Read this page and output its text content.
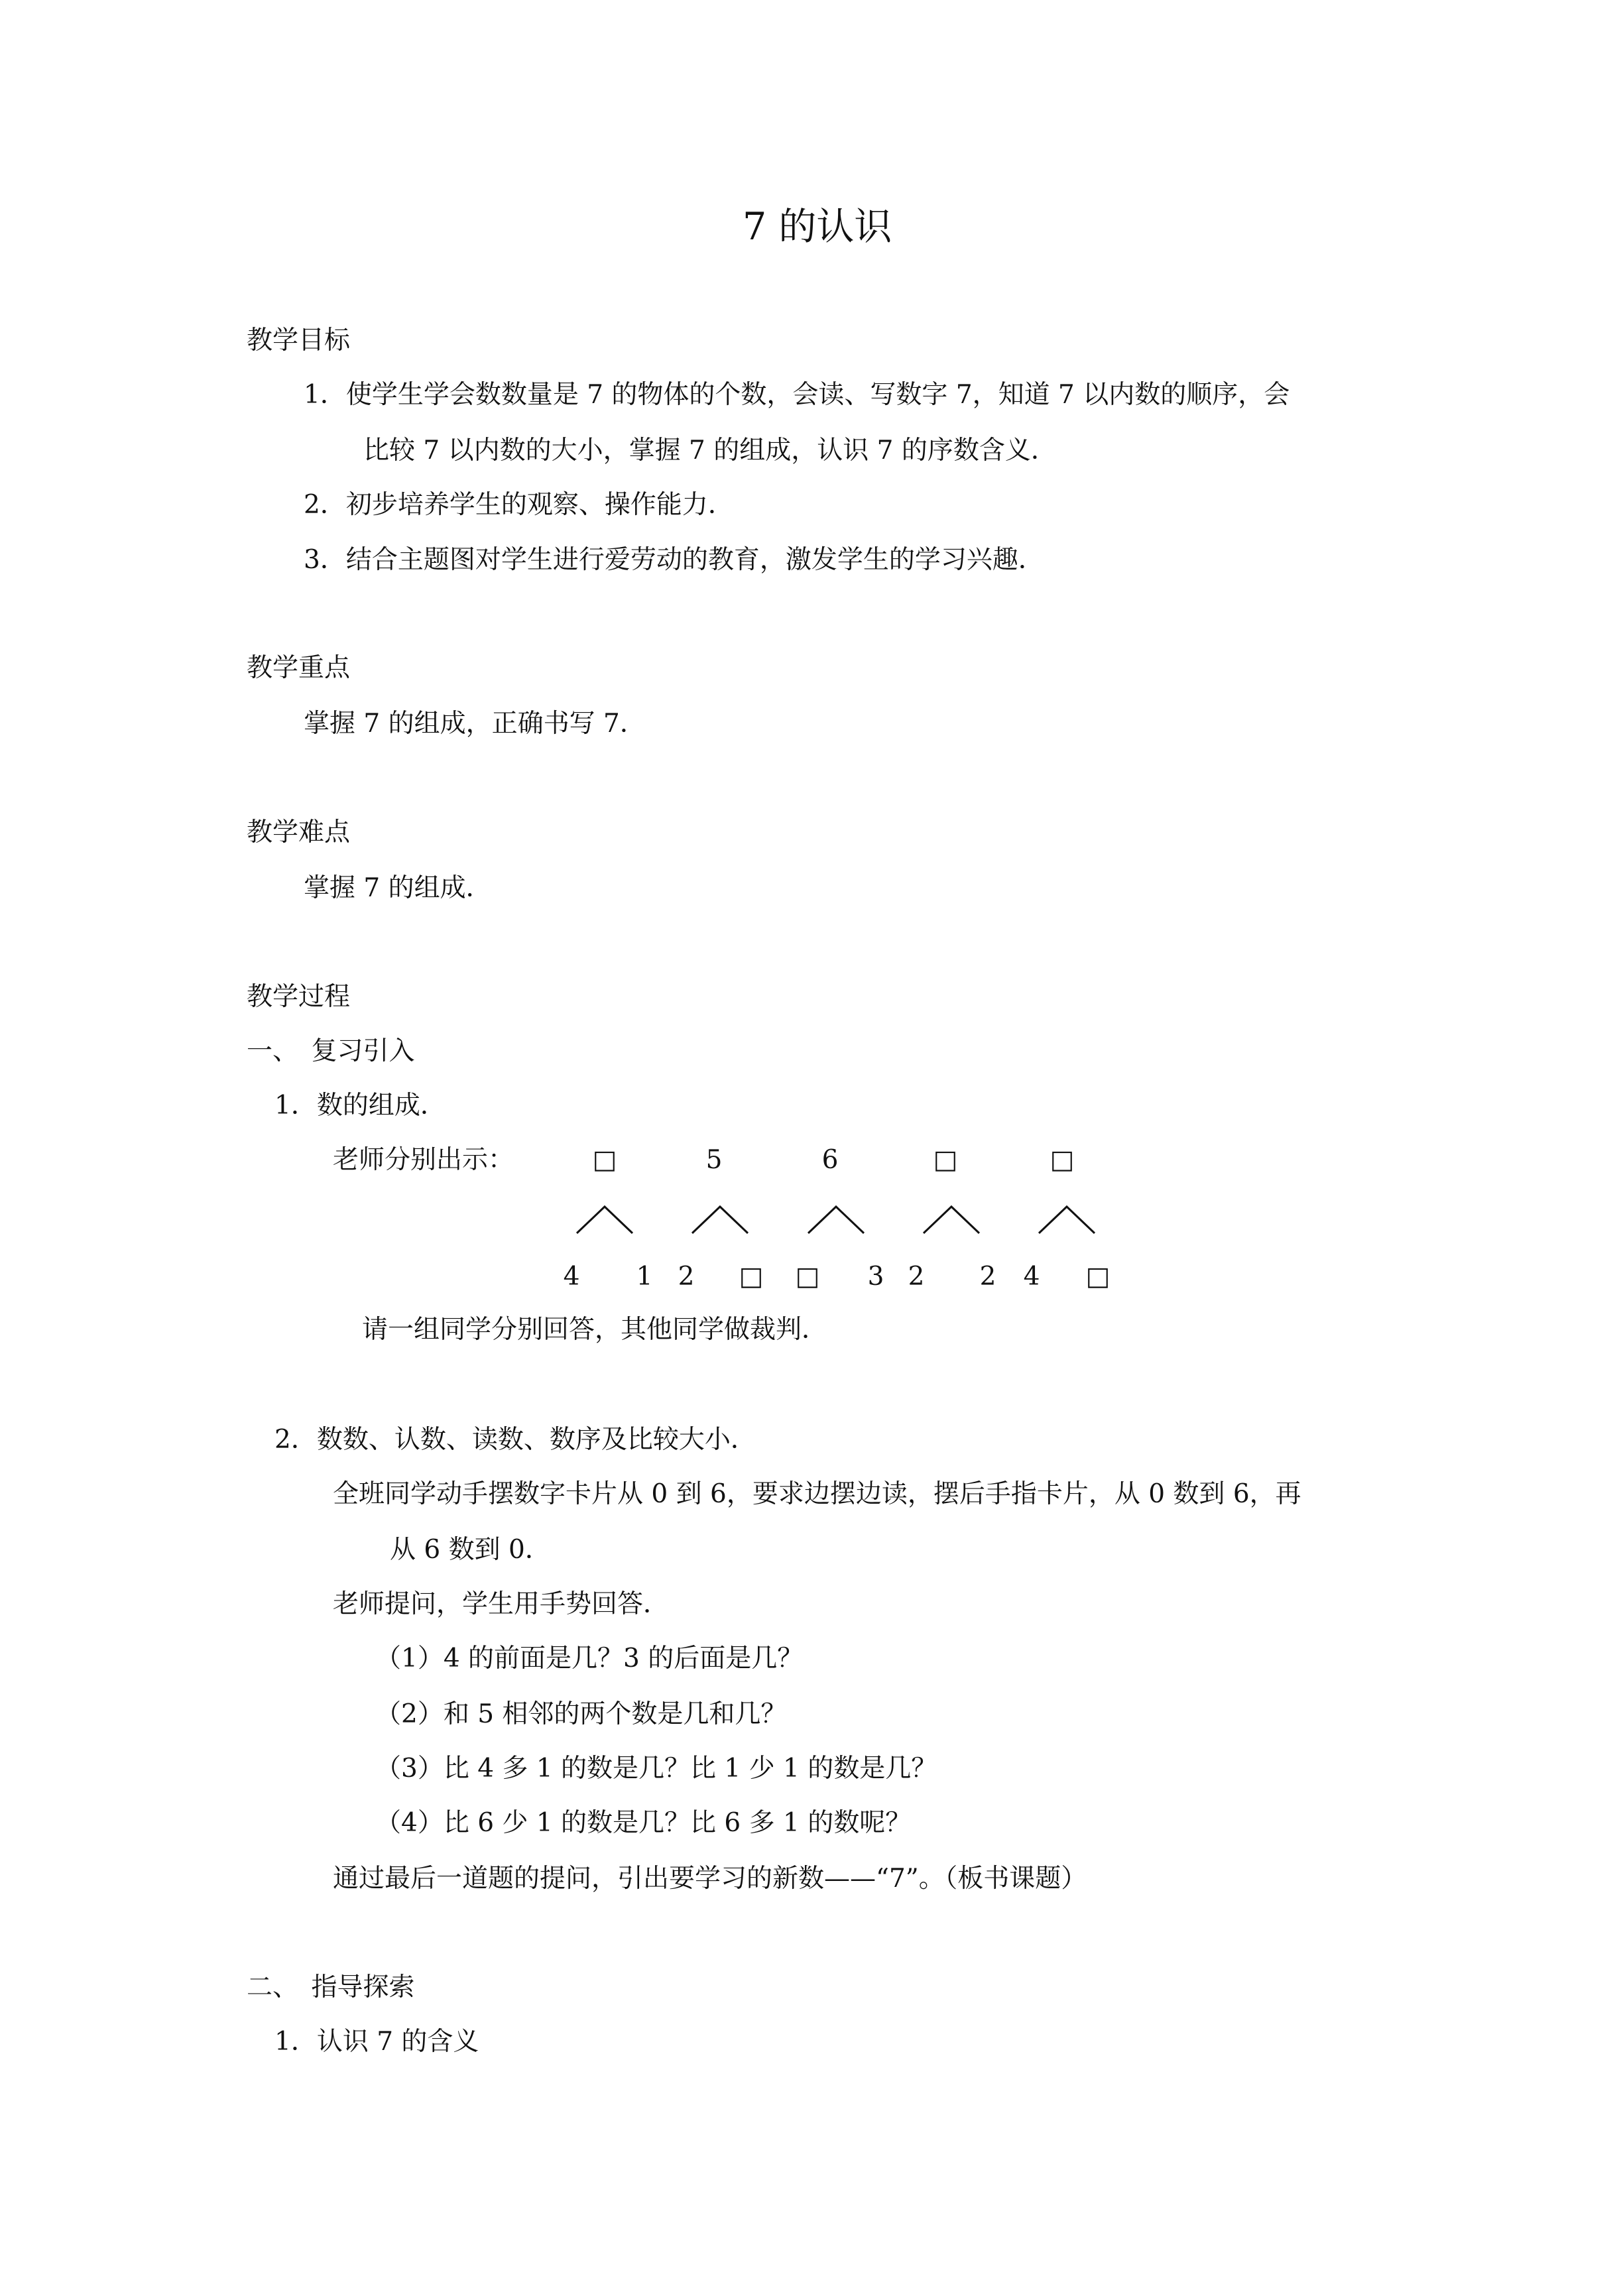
7 的认识
教学目标
1．使学生学会数数量是 7 的物体的个数，会读、写数字 7，知道 7 以内数的顺序，会
比较 7 以内数的大小，掌握 7 的组成，认识 7 的序数含义．
2．初步培养学生的观察、操作能力．
3．结合主题图对学生进行爱劳动的教育，激发学生的学习兴趣．
教学重点
掌握 7 的组成，正确书写 7．
教学难点
掌握 7 的组成．
教学过程
一、　复习引入
1．数的组成．
老师分别出示：	□	5	6	□	□
4	1 2	□ □	3 2	2	4	□
请一组同学分别回答，其他同学做裁判．
2．数数、认数、读数、数序及比较大小．
全班同学动手摆数字卡片从 0 到 6，要求边摆边读，摆后手指卡片，从 0 数到 6，再
从 6 数到 0．
老师提问，学生用手势回答．
（1）4 的前面是几？3 的后面是几？
（2）和 5 相邻的两个数是几和几？
（3）比 4 多 1 的数是几？比 1 少 1 的数是几？
（4）比 6 少 1 的数是几？比 6 多 1 的数呢？
通过最后一道题的提问，引出要学习的新数——“7”。（板书课题）
二、　指导探索
1．认识 7 的含义
